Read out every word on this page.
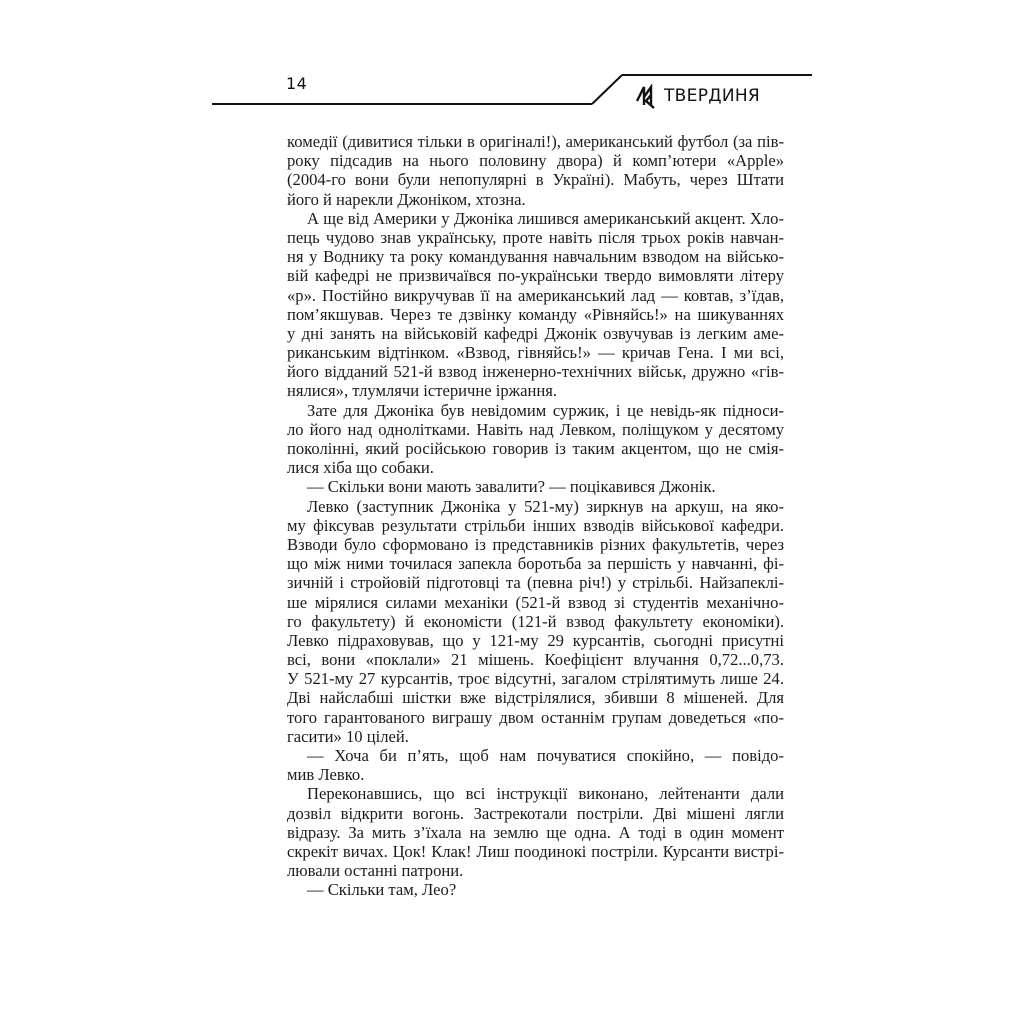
14
ТВЕРДИНЯ
комедії (дивитися тільки в оригіналі!), американський футбол (за пів-
року підсадив на нього половину двора) й комп’ютери «Apple»
(2004-го вони були непопулярні в Україні). Мабуть, через Штати
його й нарекли Джоніком, хтозна.
А ще від Америки у Джоніка лишився американський акцент. Хло-
пець чудово знав українську, проте навіть після трьох років навчан-
ня у Воднику та року командування навчальним взводом на військо-
вій кафедрі не призвичаївся по-українськи твердо вимовляти літеру
«р». Постійно викручував її на американський лад — ковтав, з’їдав,
пом’якшував. Через те дзвінку команду «Рівняйсь!» на шикуваннях
у дні занять на військовій кафедрі Джонік озвучував із легким аме-
риканським відтінком. «Взвод, гівняйсь!» — кричав Гена. І ми всі,
його відданий 521-й взвод інженерно-технічних військ, дружно «гів-
нялися», тлумлячи істеричне іржання.
Зате для Джоніка був невідомим суржик, і це невідь-як підноси-
ло його над однолітками. Навіть над Левком, поліщуком у десятому
поколінні, який російською говорив із таким акцентом, що не смія-
лися хіба що собаки.
— Скільки вони мають завалити? — поцікавився Джонік.
Левко (заступник Джоніка у 521-му) зиркнув на аркуш, на яко-
му фіксував результати стрільби інших взводів військової кафедри.
Взводи було сформовано із представників різних факультетів, через
що між ними точилася запекла боротьба за першість у навчанні, фі-
зичній і стройовій підготовці та (певна річ!) у стрільбі. Найзапеклі-
ше мірялися силами механіки (521-й взвод зі студентів механічно-
го факультету) й економісти (121-й взвод факультету економіки).
Левко підраховував, що у 121-му 29 курсантів, сьогодні присутні
всі, вони «поклали» 21 мішень. Коефіцієнт влучання 0,72...0,73.
У 521-му 27 курсантів, троє відсутні, загалом стрілятимуть лише 24.
Дві найслабші шістки вже відстрілялися, збивши 8 мішеней. Для
того гарантованого виграшу двом останнім групам доведеться «по-
гасити» 10 цілей.
— Хоча би п’ять, щоб нам почуватися спокійно, — повідо-
мив Левко.
Переконавшись, що всі інструкції виконано, лейтенанти дали
дозвіл відкрити вогонь. Застрекотали постріли. Дві мішені лягли
відразу. За мить з’їхала на землю ще одна. А тоді в один момент
скрекіт вичах. Цок! Клак! Лиш поодинокі постріли. Курсанти вистрі-
лювали останні патрони.
— Скільки там, Лео?
